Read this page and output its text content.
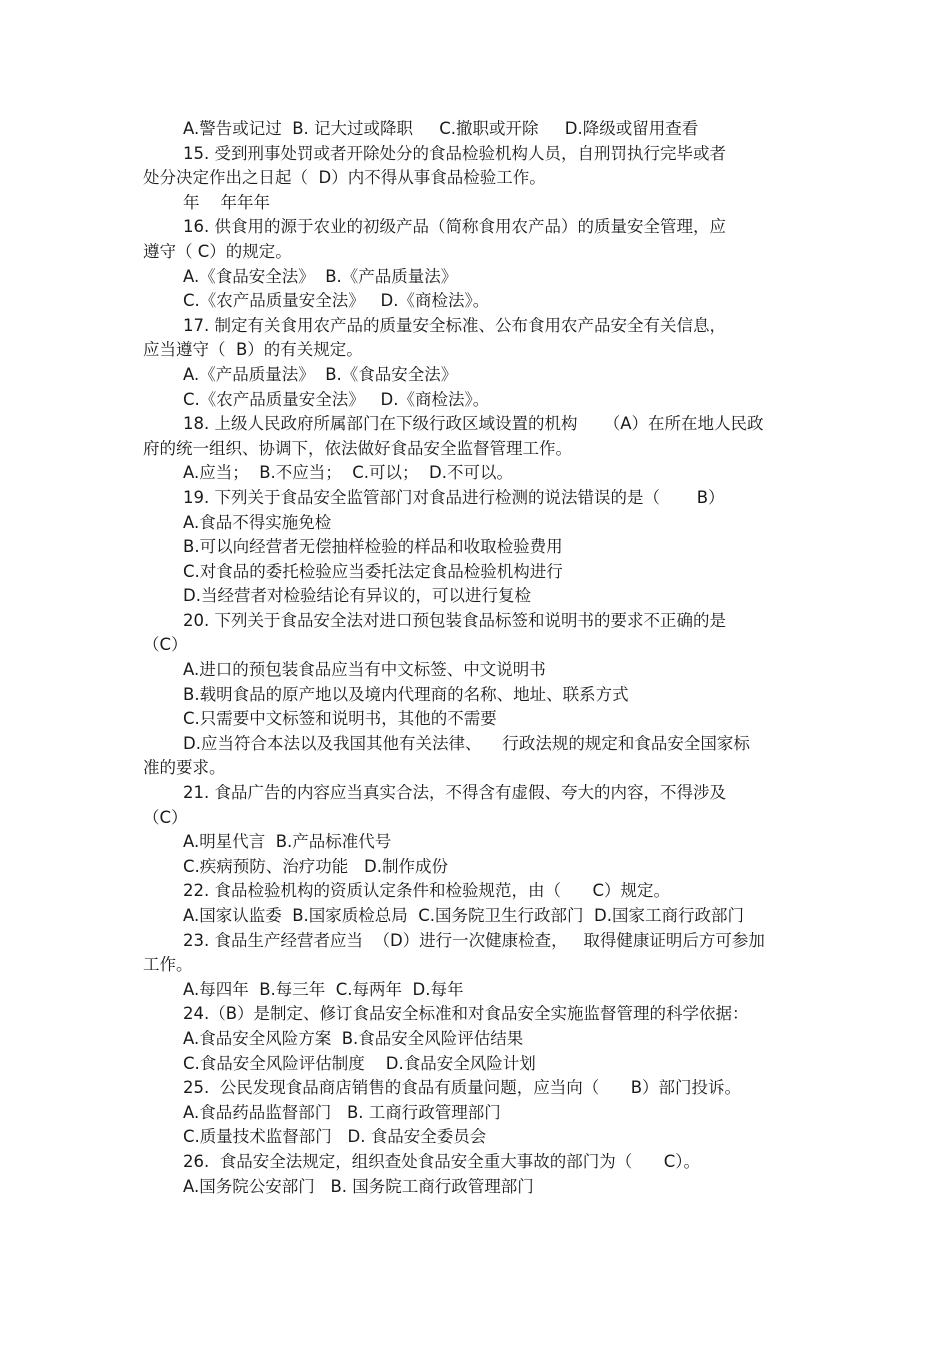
A.警告或记过  B. 记大过或降职     C.撤职或开除     D.降级或留用查看
15. 受到刑事处罚或者开除处分的食品检验机构人员，自刑罚执行完毕或者
处分决定作出之日起（  D）内不得从事食品检验工作。
年    年年年
16. 供食用的源于农业的初级产品（简称食用农产品）的质量安全管理，应
遵守（ C）的规定。
A.《食品安全法》  B.《产品质量法》
C.《农产品质量安全法》   D.《商检法》。
17. 制定有关食用农产品的质量安全标准、公布食用农产品安全有关信息，
应当遵守（  B）的有关规定。
A.《产品质量法》  B.《食品安全法》
C.《农产品质量安全法》   D.《商检法》。
18. 上级人民政府所属部门在下级行政区域设置的机构     （A）在所在地人民政
府的统一组织、协调下，依法做好食品安全监督管理工作。
A.应当；  B.不应当；  C.可以；  D.不可以。
19. 下列关于食品安全监管部门对食品进行检测的说法错误的是（       B）
A.食品不得实施免检
B.可以向经营者无偿抽样检验的样品和收取检验费用
C.对食品的委托检验应当委托法定食品检验机构进行
D.当经营者对检验结论有异议的，可以进行复检
20. 下列关于食品安全法对进口预包装食品标签和说明书的要求不正确的是
（C）
A.进口的预包装食品应当有中文标签、中文说明书
B.载明食品的原产地以及境内代理商的名称、地址、联系方式
C.只需要中文标签和说明书，其他的不需要
D.应当符合本法以及我国其他有关法律、    行政法规的规定和食品安全国家标
准的要求。
21. 食品广告的内容应当真实合法，不得含有虚假、夸大的内容，不得涉及
（C）
A.明星代言  B.产品标准代号
C.疾病预防、治疗功能   D.制作成份
22. 食品检验机构的资质认定条件和检验规范，由（      C）规定。
A.国家认监委  B.国家质检总局  C.国务院卫生行政部门  D.国家工商行政部门
23. 食品生产经营者应当  （D）进行一次健康检查，   取得健康证明后方可参加
工作。
A.每四年  B.每三年  C.每两年  D.每年
24.（B）是制定、修订食品安全标准和对食品安全实施监督管理的科学依据：
A.食品安全风险方案  B.食品安全风险评估结果
C.食品安全风险评估制度    D.食品安全风险计划
25.  公民发现食品商店销售的食品有质量问题，应当向（      B）部门投诉。
A.食品药品监督部门   B. 工商行政管理部门
C.质量技术监督部门   D. 食品安全委员会
26.  食品安全法规定，组织查处食品安全重大事故的部门为（      C）。
A.国务院公安部门   B. 国务院工商行政管理部门
